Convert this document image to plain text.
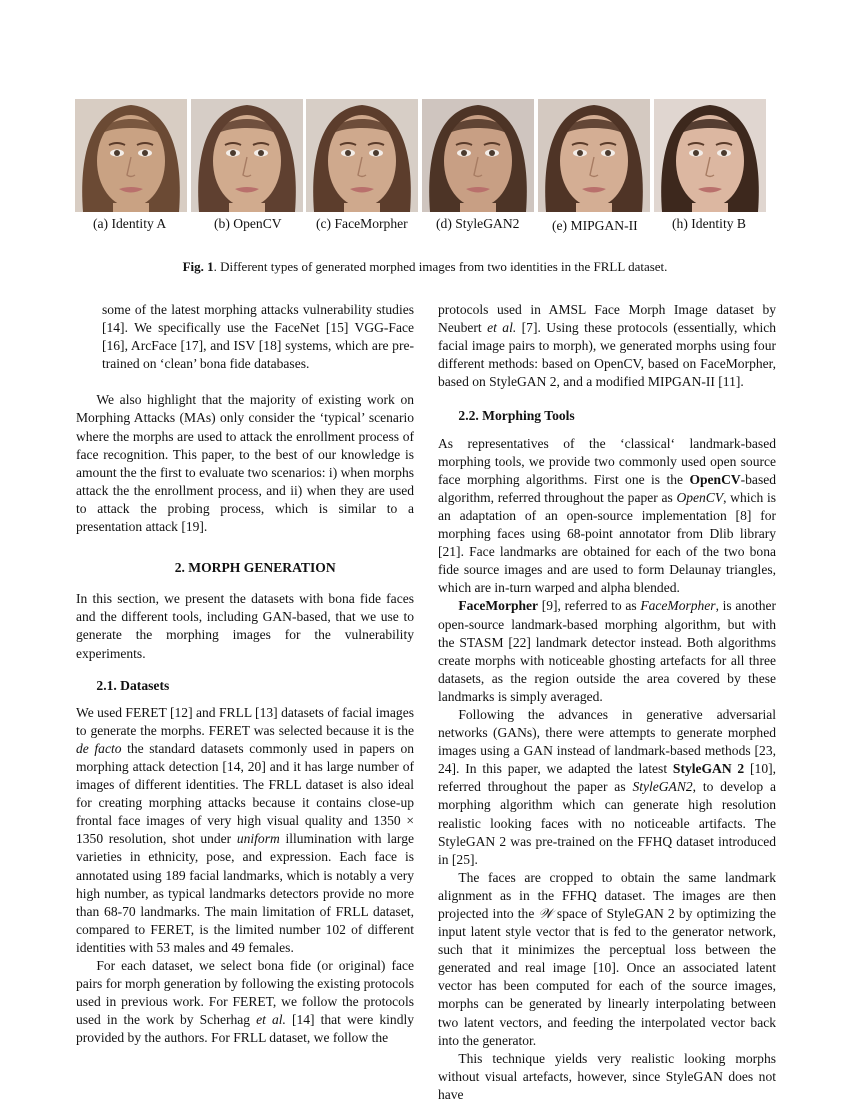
(a) Identity A	(b) OpenCV	(c) FaceMorpher (d) StyleGAN2 (e) MIPGAN-II	(h) Identity B
Fig. 1. Different types of generated morphed images from two identities in the FRLL dataset.

some of the latest morphing attacks vulnerability studies [14]. We specifically use the FaceNet [15] VGG-Face [16], ArcFace [17], and ISV [18] systems, which are pre-trained on ‘clean’ bona fide databases.

We also highlight that the majority of existing work on Morphing Attacks (MAs) only consider the ‘typical’ scenario where the morphs are used to attack the enrollment process of face recognition. This paper, to the best of our knowledge is amount the the first to evaluate two scenarios: i) when morphs attack the the enrollment process, and ii) when they are used to attack the probing process, which is similar to a presentation attack [19].

2. MORPH GENERATION

In this section, we present the datasets with bona fide faces and the different tools, including GAN-based, that we use to generate the morphing images for the vulnerability experiments.

2.1. Datasets

We used FERET [12] and FRLL [13] datasets of facial images to generate the morphs. FERET was selected because it is the de facto the standard datasets commonly used in papers on morphing attack detection [14, 20] and it has large number of images of different identities. The FRLL dataset is also ideal for creating morphing attacks because it contains close-up frontal face images of very high visual quality and 1350 × 1350 resolution, shot under uniform illumination with large varieties in ethnicity, pose, and expression. Each face is annotated using 189 facial landmarks, which is notably a very high number, as typical landmarks detectors provide no more than 68-70 landmarks. The main limitation of FRLL dataset, compared to FERET, is the limited number 102 of different identities with 53 males and 49 females.

For each dataset, we select bona fide (or original) face pairs for morph generation by following the existing protocols used in previous work. For FERET, we follow the protocols used in the work by Scherhag et al. [14] that were kindly provided by the authors. For FRLL dataset, we follow the

protocols used in AMSL Face Morph Image dataset by Neubert et al. [7]. Using these protocols (essentially, which facial image pairs to morph), we generated morphs using four different methods: based on OpenCV, based on FaceMorpher, based on StyleGAN 2, and a modified MIPGAN-II [11].

2.2. Morphing Tools

As representatives of the ‘classical‘ landmark-based morphing tools, we provide two commonly used open source face morphing algorithms. First one is the OpenCV-based algorithm, referred throughout the paper as OpenCV, which is an adaptation of an open-source implementation [8] for morphing faces using 68-point annotator from Dlib library [21]. Face landmarks are obtained for each of the two bona fide source images and are used to form Delaunay triangles, which are in-turn warped and alpha blended.

FaceMorpher [9], referred to as FaceMorpher, is another open-source landmark-based morphing algorithm, but with the STASM [22] landmark detector instead. Both algorithms create morphs with noticeable ghosting artefacts for all three datasets, as the region outside the area covered by these landmarks is simply averaged.

Following the advances in generative adversarial networks (GANs), there were attempts to generate morphed images using a GAN instead of landmark-based methods [23, 24]. In this paper, we adapted the latest StyleGAN 2 [10], referred throughout the paper as StyleGAN2, to develop a morphing algorithm which can generate high resolution realistic looking faces with no noticeable artifacts. The StyleGAN 2 was pre-trained on the FFHQ dataset introduced in [25].

The faces are cropped to obtain the same landmark alignment as in the FFHQ dataset. The images are then projected into the 𝒲 space of StyleGAN 2 by optimizing the input latent style vector that is fed to the generator network, such that it minimizes the perceptual loss between the generated and real image [10]. Once an associated latent vector has been computed for each of the source images, morphs can be generated by linearly interpolating between two latent vectors, and feeding the interpolated vector back into the generator.

This technique yields very realistic looking morphs without visual artefacts, however, since StyleGAN does not have
